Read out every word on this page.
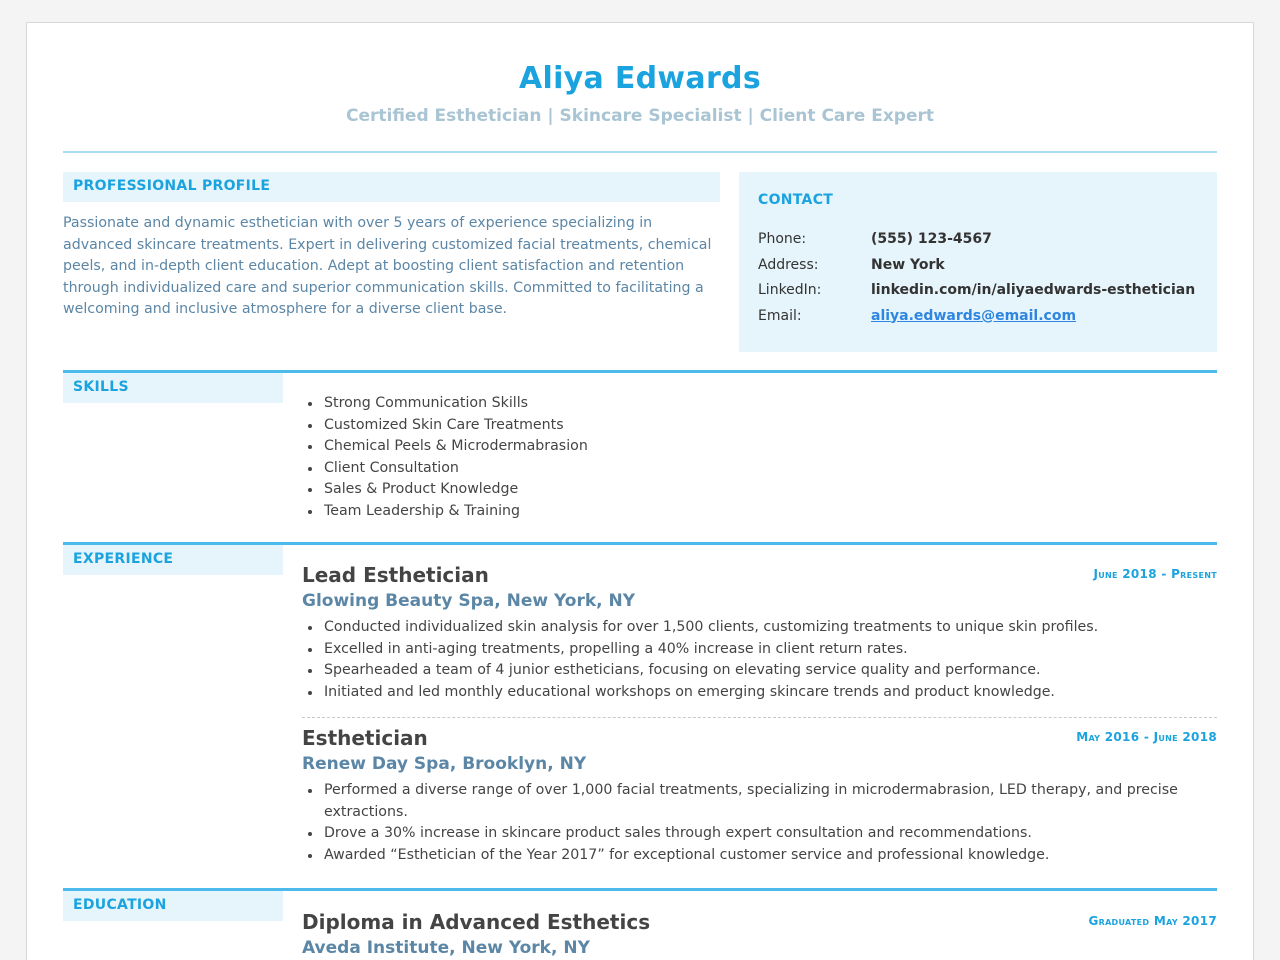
Aliya Edwards
Certified Esthetician | Skincare Specialist | Client Care Expert
PROFESSIONAL PROFILE
Passionate and dynamic esthetician with over 5 years of experience specializing in advanced skincare treatments. Expert in delivering customized facial treatments, chemical peels, and in-depth client education. Adept at boosting client satisfaction and retention through individualized care and superior communication skills. Committed to facilitating a welcoming and inclusive atmosphere for a diverse client base.
CONTACT
Phone:	(555) 123-4567
Address:	New York
LinkedIn:	linkedin.com/in/aliyaedwards-esthetician
Email:	aliya.edwards@email.com
SKILLS
Strong Communication Skills
Customized Skin Care Treatments
Chemical Peels & Microdermabrasion
Client Consultation
Sales & Product Knowledge
Team Leadership & Training
EXPERIENCE
Lead Esthetician
Glowing Beauty Spa, New York, NY
June 2018 - Present
Conducted individualized skin analysis for over 1,500 clients, customizing treatments to unique skin profiles.
Excelled in anti-aging treatments, propelling a 40% increase in client return rates.
Spearheaded a team of 4 junior estheticians, focusing on elevating service quality and performance.
Initiated and led monthly educational workshops on emerging skincare trends and product knowledge.
Esthetician
Renew Day Spa, Brooklyn, NY
May 2016 - June 2018
Performed a diverse range of over 1,000 facial treatments, specializing in microdermabrasion, LED therapy, and precise extractions.
Drove a 30% increase in skincare product sales through expert consultation and recommendations.
Awarded “Esthetician of the Year 2017” for exceptional customer service and professional knowledge.
EDUCATION
Diploma in Advanced Esthetics
Aveda Institute, New York, NY
Graduated May 2017
